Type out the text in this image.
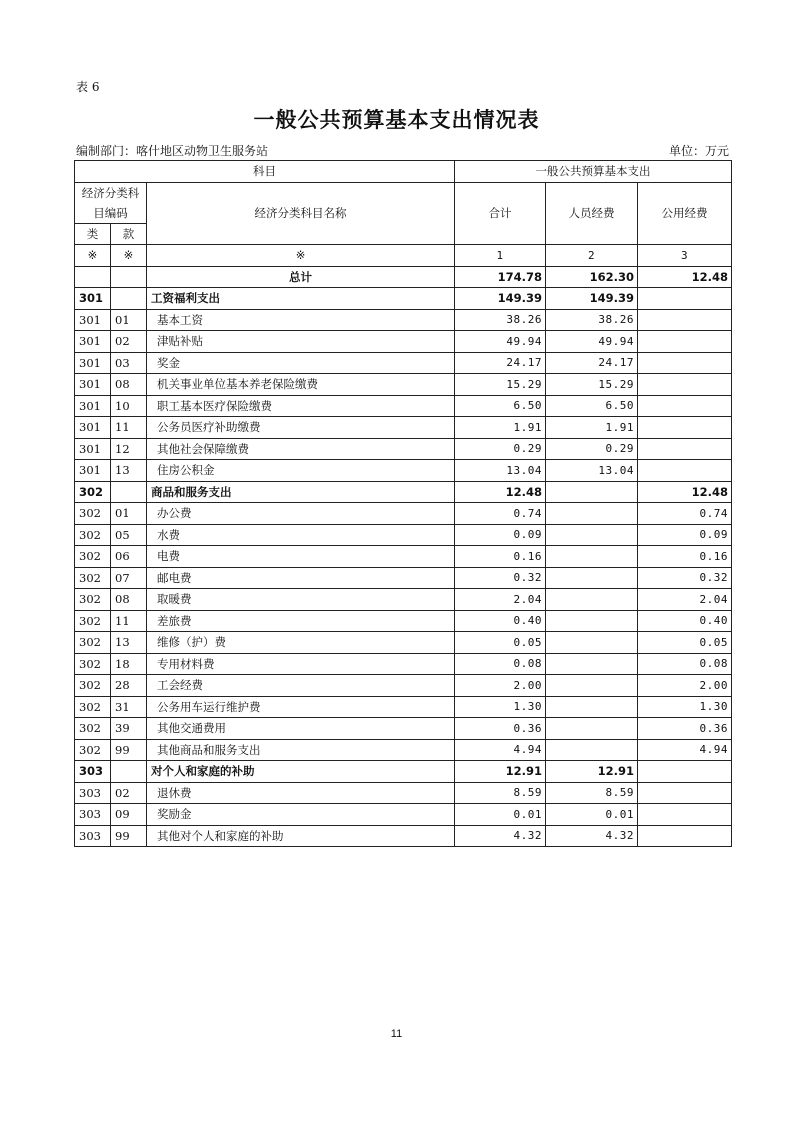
表 6
一般公共预算基本支出情况表
编制部门：喀什地区动物卫生服务站	单位：万元
科目			一般公共预算基本支出		
经济分类科目编码		经济分类科目名称	合计	人员经费	公用经费
类	款				
※	※	※	1	2	3
		总计	174.78	162.30	12.48
301		工资福利支出	149.39	149.39	
301	01	基本工资	38.26	38.26	
301	02	津贴补贴	49.94	49.94	
301	03	奖金	24.17	24.17	
301	08	机关事业单位基本养老保险缴费	15.29	15.29	
301	10	职工基本医疗保险缴费	6.50	6.50	
301	11	公务员医疗补助缴费	1.91	1.91	
301	12	其他社会保障缴费	0.29	0.29	
301	13	住房公积金	13.04	13.04	
302		商品和服务支出	12.48		12.48
302	01	办公费	0.74		0.74
302	05	水费	0.09		0.09
302	06	电费	0.16		0.16
302	07	邮电费	0.32		0.32
302	08	取暖费	2.04		2.04
302	11	差旅费	0.40		0.40
302	13	维修（护）费	0.05		0.05
302	18	专用材料费	0.08		0.08
302	28	工会经费	2.00		2.00
302	31	公务用车运行维护费	1.30		1.30
302	39	其他交通费用	0.36		0.36
302	99	其他商品和服务支出	4.94		4.94
303		对个人和家庭的补助	12.91	12.91	
303	02	退休费	8.59	8.59	
303	09	奖励金	0.01	0.01	
303	99	其他对个人和家庭的补助	4.32	4.32	
11
